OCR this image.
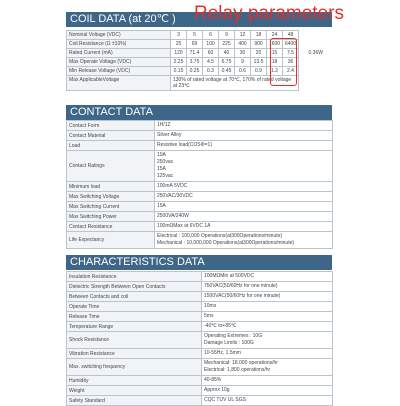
COIL DATA (at 20℃ ) Relay parameters
Nominal Voltage (VDC)	3	5	6	9	12	18	24	48	0.36W
Coil Resistance (Ω ±10%)	25	69	100	225	400	900	1600	6400	
Rated Current (mA)	120	71.4	60	40	30	20	15	7.5	
Max Operate Voltage (VDC)	2.25	3.75	4.5	6.75	9	13.5	18	36	
Min Release Voltage (VDC)	0.15	0.25	0.3	0.45	0.6	0.9	1.2	2.4	
Max ApplicableVoltage	130% of rated voltage at 70℃, 170% of rated voltage at 23℃								
CONTACT DATA
Contact Form	1H/1Z

Contact Material	Silver Alloy

Load	Resistive load(COSΦ=1)

Contact Ratings	10A
250vac
15A
125vac

Minimum load	100mA 5VDC

Max Switching Voltage	250VAC/30VDC

Max Switching Current	15A

Max Switching Power	2500VA/240W

Contact Resistance	100mΩMax at 6VDC 1A

Life Expectancy	Electrical : 100,000 Operations(at300Operations/minute)
Mechanical : 10,000,000 Operations(at300Operations/minute)
CHARACTERISTICS DATA
Insulation Resistance	100MΩMin at 500VDC

Dielectric Strength Between Open Contacts	750VAC(50/60Hz for one minute)

Between Contacts and coil	1500VAC(50/60Hz for one minute)

Operate Time	10ms

Release Time	5ms

Temperature Range	-40℃ to+85℃

Shock Resistance	Operating Extremes : 10G
Damage Limits : 100G

Vibration Resistance	10-55Hz, 1.5mm

Max. switching frequency	Mechanical: 18,000 operations/hr
Electrical: 1,800 operations/hr

Humidity	40-85%

Weight	Approx 10g

Safety Standard	CQC TUV UL SGS
